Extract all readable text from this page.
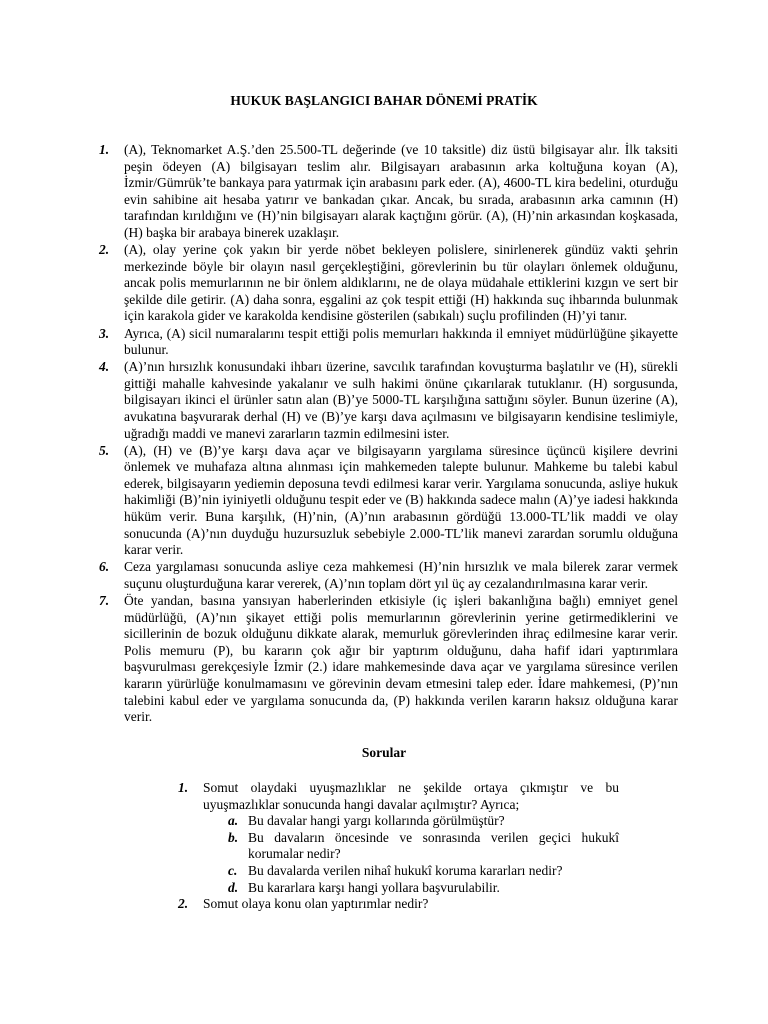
HUKUK BAŞLANGICI BAHAR DÖNEMİ PRATİK
1. (A), Teknomarket A.Ş.’den 25.500-TL değerinde (ve 10 taksitle) diz üstü bilgisayar alır. İlk taksiti peşin ödeyen (A) bilgisayarı teslim alır. Bilgisayarı arabasının arka koltuğuna koyan (A), İzmir/Gümrük’te bankaya para yatırmak için arabasını park eder. (A), 4600-TL kira bedelini, oturduğu evin sahibine ait hesaba yatırır ve bankadan çıkar. Ancak, bu sırada, arabasının arka camının (H) tarafından kırıldığını ve (H)’nin bilgisayarı alarak kaçtığını görür. (A), (H)’nin arkasından koşkasada, (H) başka bir arabaya binerek uzaklaşır.

2. (A), olay yerine çok yakın bir yerde nöbet bekleyen polislere, sinirlenerek gündüz vakti şehrin merkezinde böyle bir olayın nasıl gerçekleştiğini, görevlerinin bu tür olayları önlemek olduğunu, ancak polis memurlarının ne bir önlem aldıklarını, ne de olaya müdahale ettiklerini kızgın ve sert bir şekilde dile getirir. (A) daha sonra, eşgalini az çok tespit ettiği (H) hakkında suç ihbarında bulunmak için karakola gider ve karakolda kendisine gösterilen (sabıkalı) suçlu profilinden (H)’yi tanır.

3. Ayrıca, (A) sicil numaralarını tespit ettiği polis memurları hakkında il emniyet müdürlüğüne şikayette bulunur.

4. (A)’nın hırsızlık konusundaki ihbarı üzerine, savcılık tarafından kovuşturma başlatılır ve (H), sürekli gittiği mahalle kahvesinde yakalanır ve sulh hakimi önüne çıkarılarak tutuklanır. (H) sorgusunda, bilgisayarı ikinci el ürünler satın alan (B)’ye 5000-TL karşılığına sattığını söyler. Bunun üzerine (A), avukatına başvurarak derhal (H) ve (B)’ye karşı dava açılmasını ve bilgisayarın kendisine teslimiyle, uğradığı maddi ve manevi zararların tazmin edilmesini ister.

5. (A), (H) ve (B)’ye karşı dava açar ve bilgisayarın yargılama süresince üçüncü kişilere devrini önlemek ve muhafaza altına alınması için mahkemeden talepte bulunur. Mahkeme bu talebi kabul ederek, bilgisayarın yediemin deposuna tevdi edilmesi karar verir. Yargılama sonucunda, asliye hukuk hakimliği (B)’nin iyiniyetli olduğunu tespit eder ve (B) hakkında sadece malın (A)’ye iadesi hakkında hüküm verir. Buna karşılık, (H)’nin, (A)’nın arabasının gördüğü 13.000-TL’lik maddi ve olay sonucunda (A)’nın duyduğu huzursuzluk sebebiyle 2.000-TL’lik manevi zarardan sorumlu olduğuna karar verir.

6. Ceza yargılaması sonucunda asliye ceza mahkemesi (H)’nin hırsızlık ve mala bilerek zarar vermek suçunu oluşturduğuna karar vererek, (A)’nın toplam dört yıl üç ay cezalandırılmasına karar verir.

7. Öte yandan, basına yansıyan haberlerinden etkisiyle (iç işleri bakanlığına bağlı) emniyet genel müdürlüğü, (A)’nın şikayet ettiği polis memurlarının görevlerinin yerine getirmediklerini ve sicillerinin de bozuk olduğunu dikkate alarak, memurluk görevlerinden ihraç edilmesine karar verir. Polis memuru (P), bu kararın çok ağır bir yaptırım olduğunu, daha hafif idari yaptırımlara başvurulması gerekçesiyle İzmir (2.) idare mahkemesinde dava açar ve yargılama süresince verilen kararın yürürlüğe konulmamasını ve görevinin devam etmesini talep eder. İdare mahkemesi, (P)’nın talebini kabul eder ve yargılama sonucunda da, (P) hakkında verilen kararın haksız olduğuna karar verir.

Sorular
1. Somut olaydaki uyuşmazlıklar ne şekilde ortaya çıkmıştır ve bu uyuşmazlıklar sonucunda hangi davalar açılmıştır? Ayrıca;

a. Bu davalar hangi yargı kollarında görülmüştür?

b. Bu davaların öncesinde ve sonrasında verilen geçici hukukî korumalar nedir?

c. Bu davalarda verilen nihaî hukukî koruma kararları nedir?

d. Bu kararlara karşı hangi yollara başvurulabilir.

2. Somut olaya konu olan yaptırımlar nedir?
